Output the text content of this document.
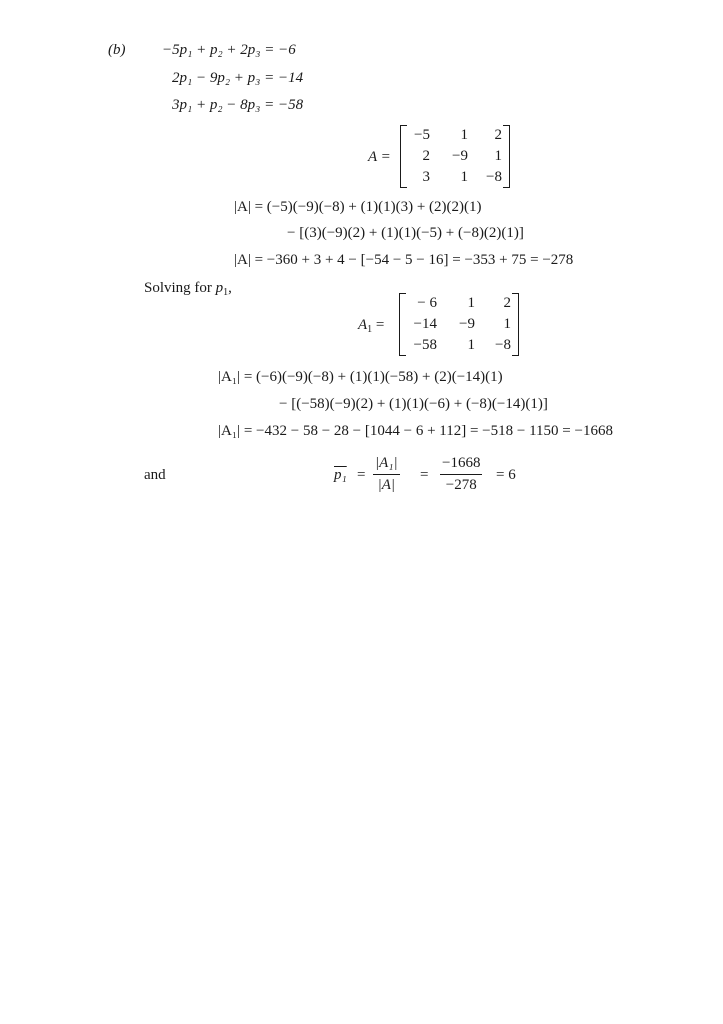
(b) −5p₁ + p₂ + 2p₃ = −6
2p₁ − 9p₂ + p₃ = −14
3p₁ + p₂ − 8p₃ = −58
A =
−5	1	2
2	−9	1
3	1	−8
|A| = (−5)(−9)(−8) + (1)(1)(3) + (2)(2)(1)
− [(3)(−9)(2) + (1)(1)(−5) + (−8)(2)(1)]
|A| = −360 + 3 + 4 − [−54 − 5 − 16] = −353 + 75 = −278
Solving for $p_1$,
$A_1$ =
− 6	1	2
−14	−9	1
−58	1	−8
|A₁| = (−6)(−9)(−8) + (1)(1)(−58) + (2)(−14)(1)
− [(−58)(−9)(2) + (1)(1)(−6) + (−8)(−14)(1)]
|A₁| = −432 − 58 − 28 − [1044 − 6 + 112] = −518 − 1150 = −1668
and	$p_1 = \frac{\text{|A₁|}}{|A|} = \frac{-1668}{-278} = 6$
